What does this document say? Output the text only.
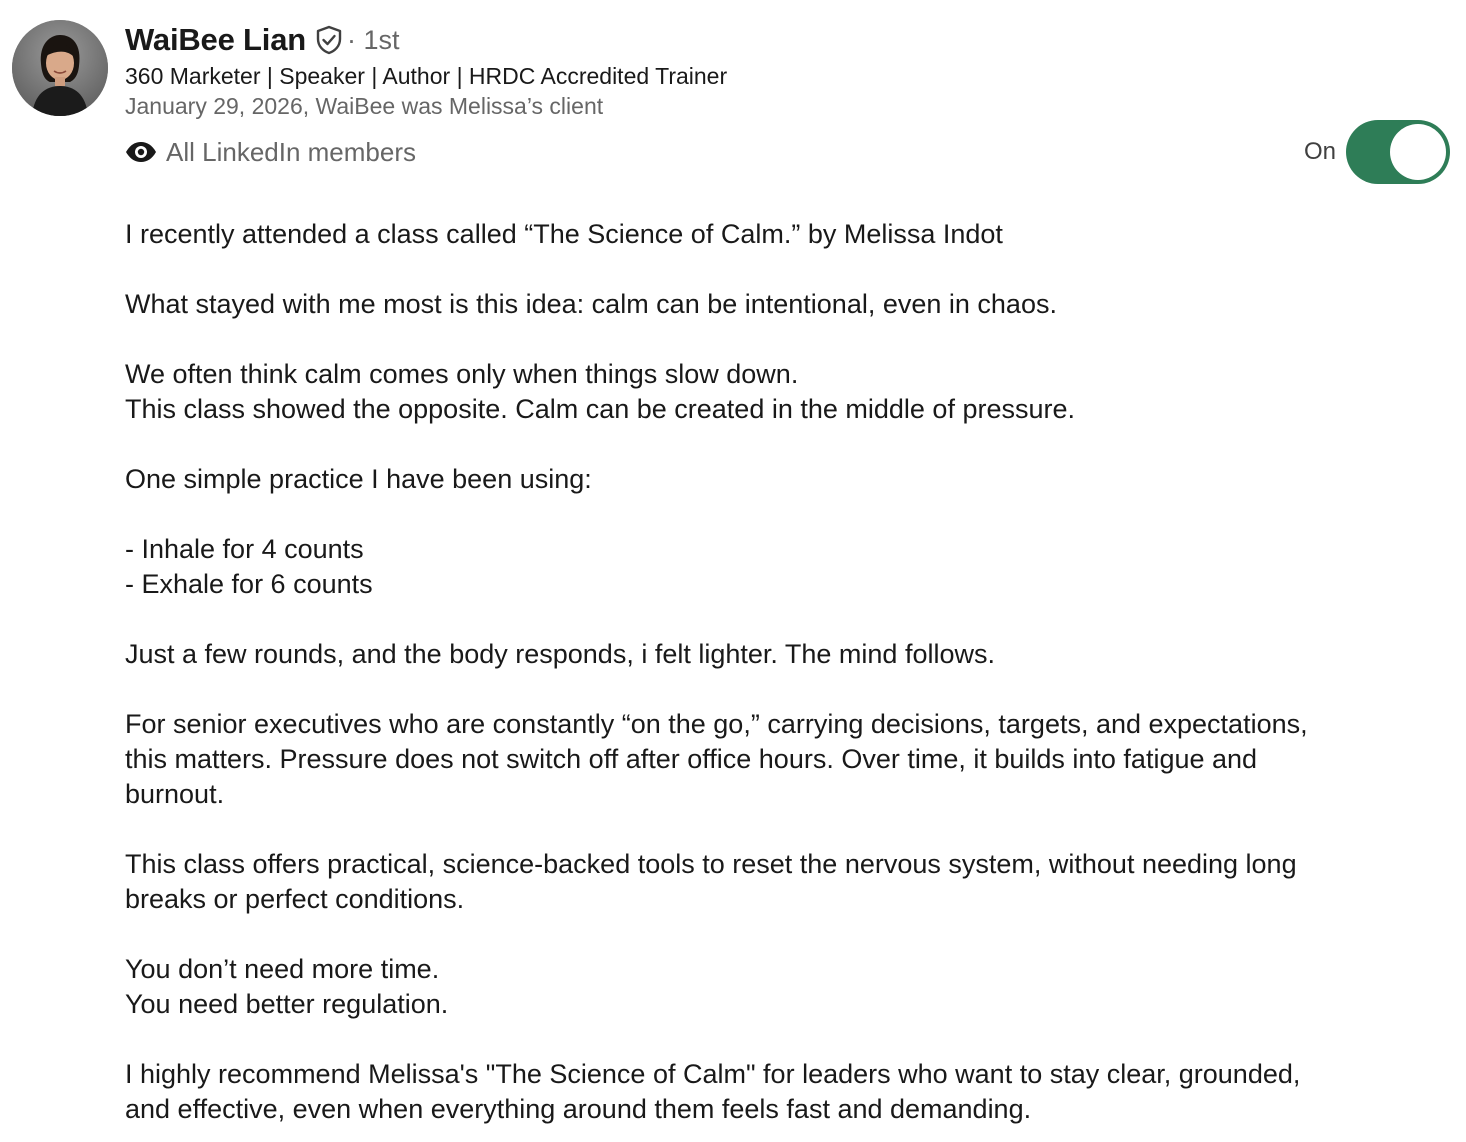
WaiBee Lian · 1st
360 Marketer | Speaker | Author | HRDC Accredited Trainer
January 29, 2026, WaiBee was Melissa’s client
All LinkedIn members	On

I recently attended a class called “The Science of Calm.” by Melissa Indot

What stayed with me most is this idea: calm can be intentional, even in chaos.

We often think calm comes only when things slow down.

This class showed the opposite. Calm can be created in the middle of pressure.

One simple practice I have been using:

- Inhale for 4 counts

- Exhale for 6 counts

Just a few rounds, and the body responds, i felt lighter. The mind follows.

For senior executives who are constantly “on the go,” carrying decisions, targets, and expectations,

this matters. Pressure does not switch off after office hours. Over time, it builds into fatigue and

burnout.

This class offers practical, science-backed tools to reset the nervous system, without needing long

breaks or perfect conditions.

You don’t need more time.

You need better regulation.

I highly recommend Melissa's "The Science of Calm" for leaders who want to stay clear, grounded,

and effective, even when everything around them feels fast and demanding.
